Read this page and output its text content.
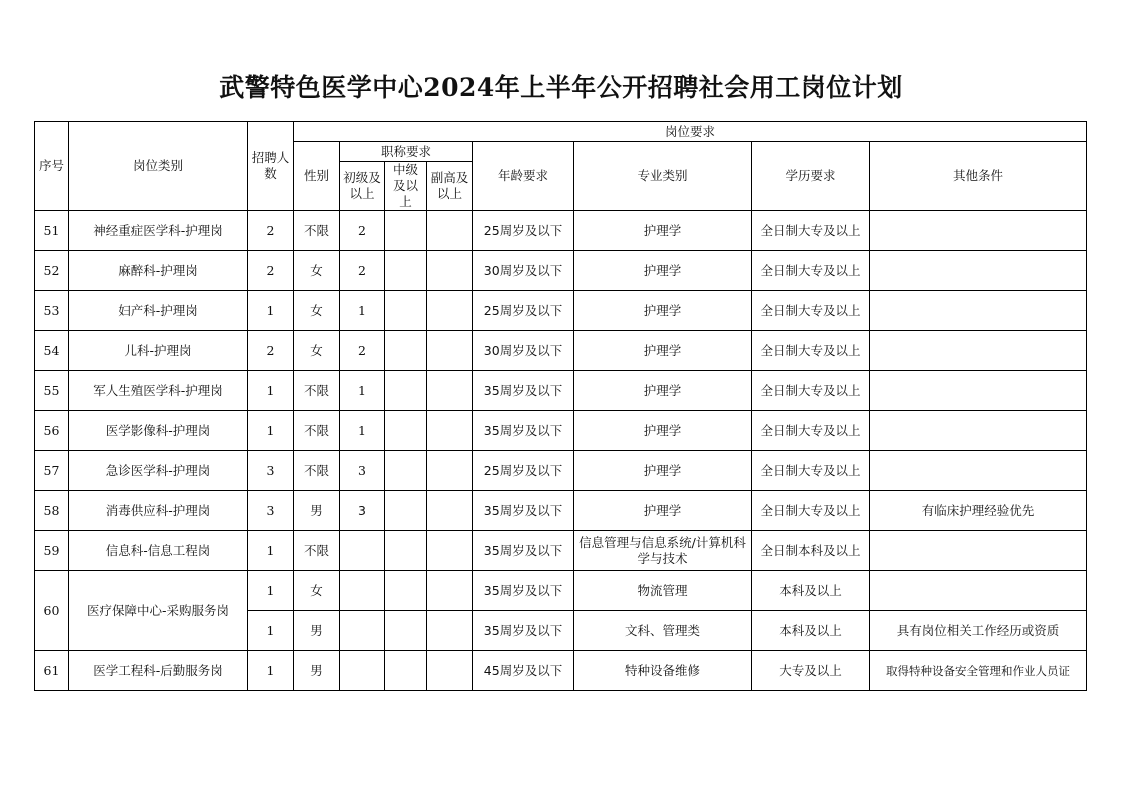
武警特色医学中心2024年上半年公开招聘社会用工岗位计划
序号	岗位类别	招聘人数	岗位要求							
			性别	职称要求			年龄要求	专业类别	学历要求	其他条件
				初级及以上	中级及以上	副高及以上				
51	神经重症医学科-护理岗	2	不限	2			25周岁及以下	护理学	全日制大专及以上	
52	麻醉科-护理岗	2	女	2			30周岁及以下	护理学	全日制大专及以上	
53	妇产科-护理岗	1	女	1			25周岁及以下	护理学	全日制大专及以上	
54	儿科-护理岗	2	女	2			30周岁及以下	护理学	全日制大专及以上	
55	军人生殖医学科-护理岗	1	不限	1			35周岁及以下	护理学	全日制大专及以上	
56	医学影像科-护理岗	1	不限	1			35周岁及以下	护理学	全日制大专及以上	
57	急诊医学科-护理岗	3	不限	3			25周岁及以下	护理学	全日制大专及以上	
58	消毒供应科-护理岗	3	男	3			35周岁及以下	护理学	全日制大专及以上	有临床护理经验优先
59	信息科-信息工程岗	1	不限				35周岁及以下	信息管理与信息系统/计算机科学与技术	全日制本科及以上	
60	医疗保障中心-采购服务岗	1	女				35周岁及以下	物流管理	本科及以上	
		1	男				35周岁及以下	文科、管理类	本科及以上	具有岗位相关工作经历或资质
61	医学工程科-后勤服务岗	1	男				45周岁及以下	特种设备维修	大专及以上	取得特种设备安全管理和作业人员证
